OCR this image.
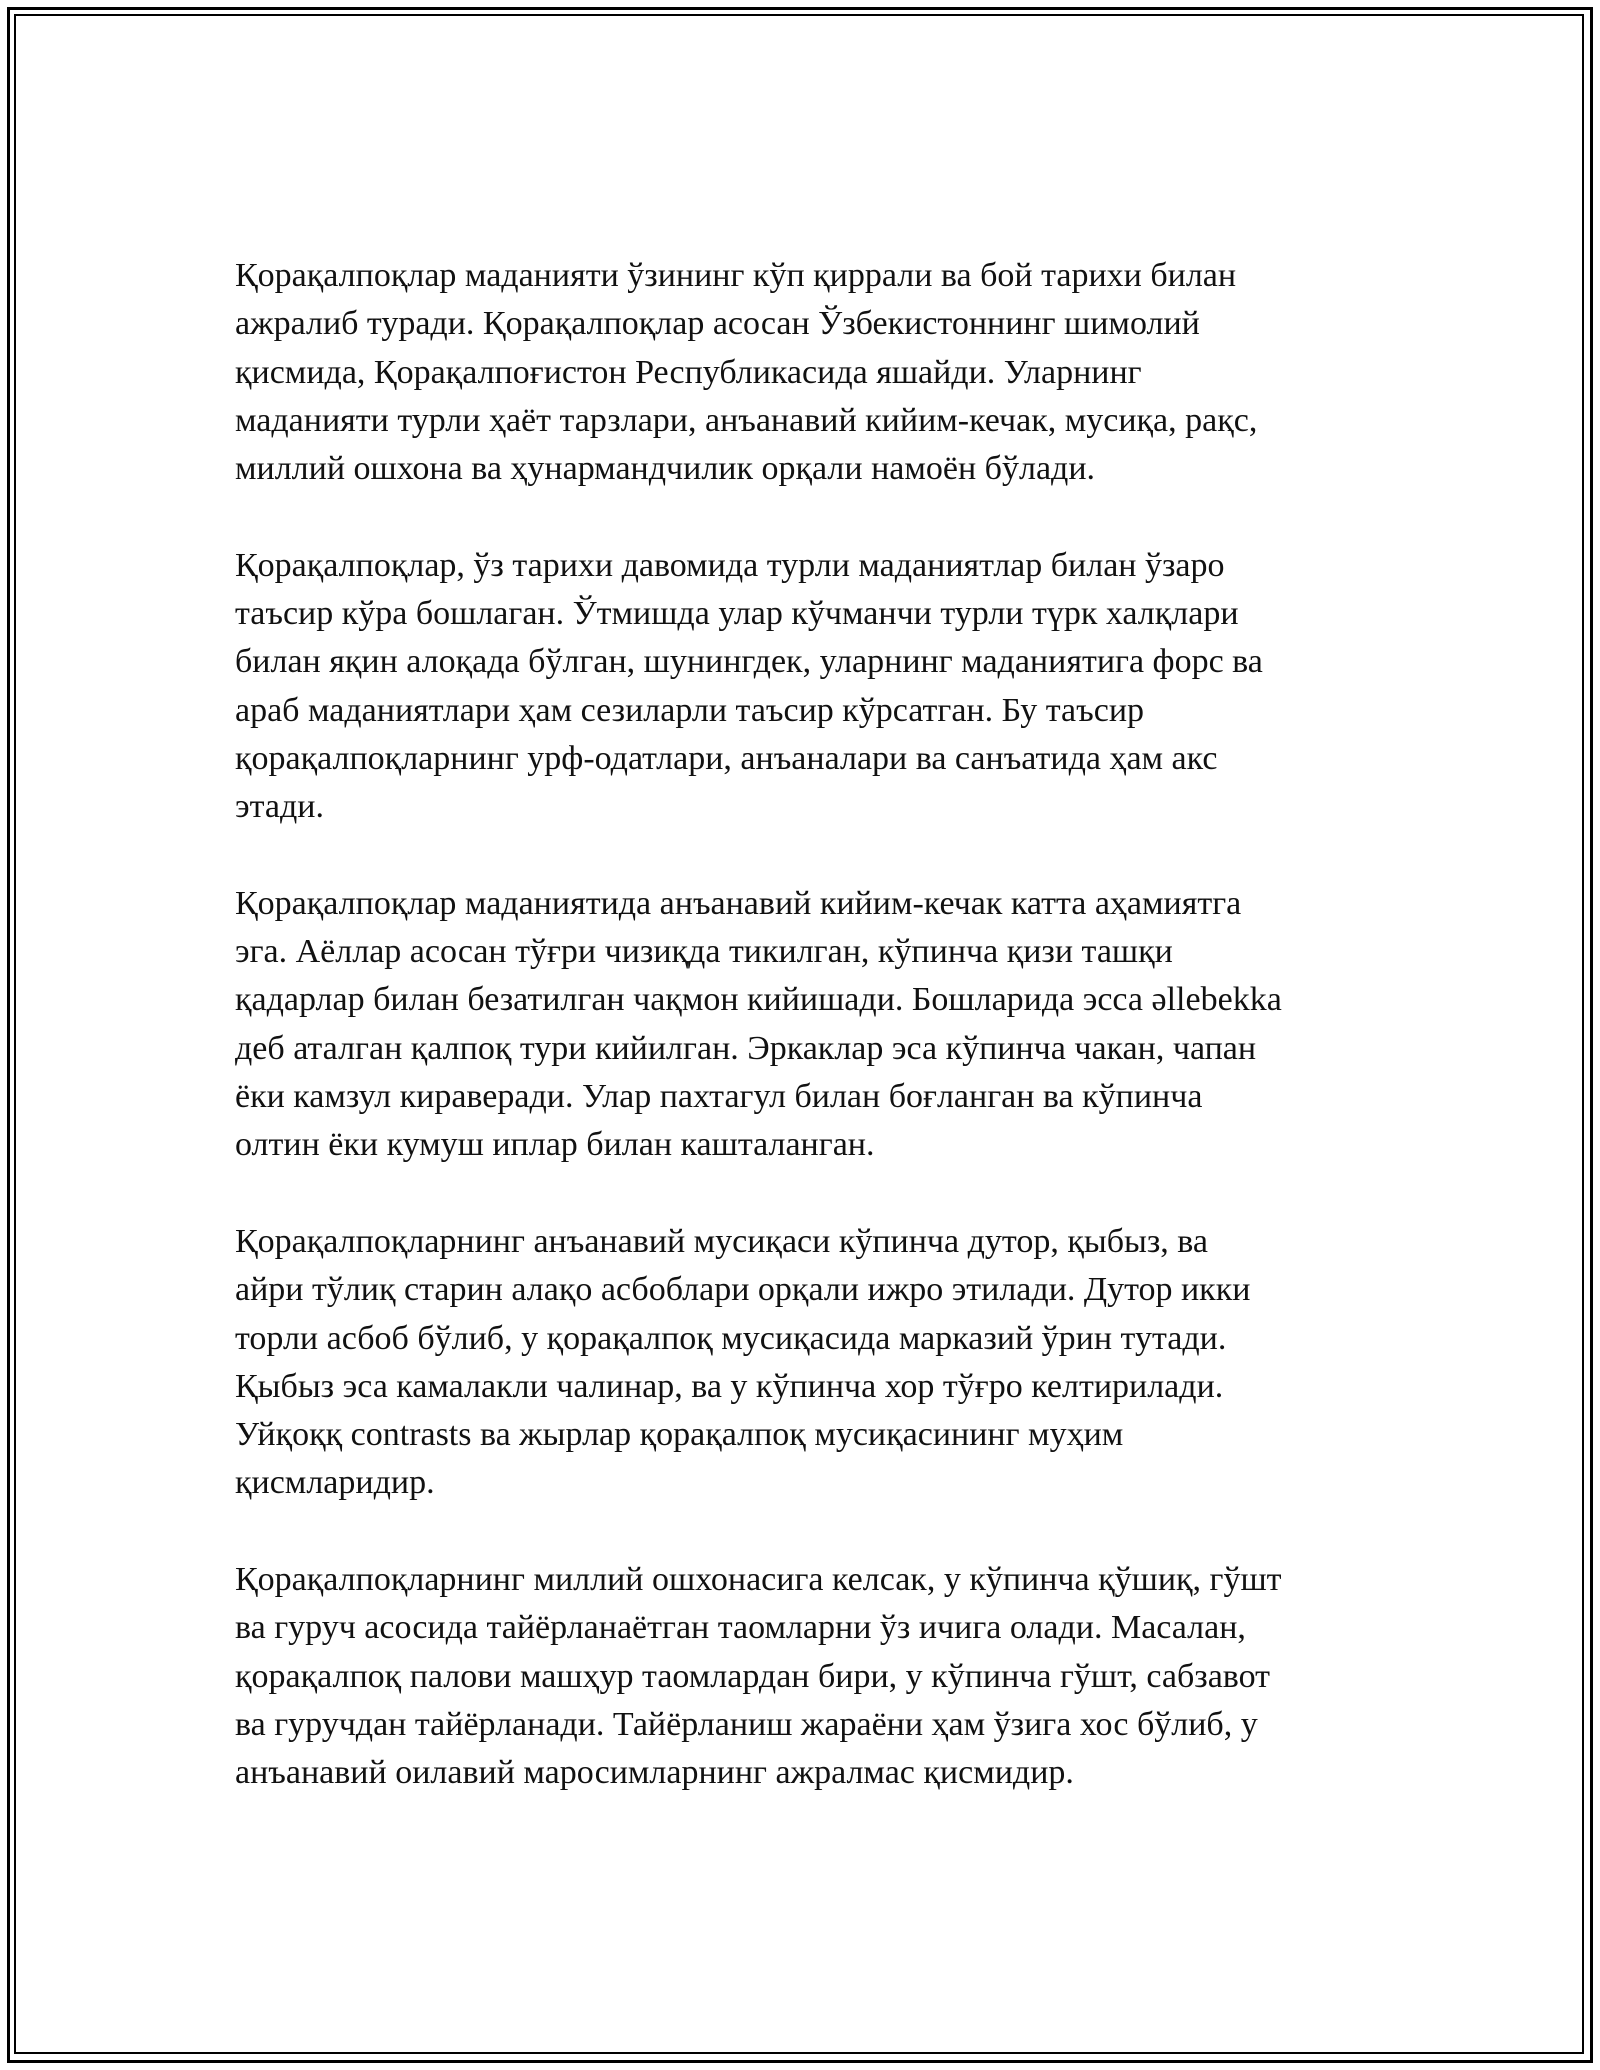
Қорақалпоқлар маданияти ўзининг кўп қиррали ва бой тарихи билан
ажралиб туради. Қорақалпоқлар асосан Ўзбекистоннинг шимолий
қисмида, Қорақалпоғистон Республикасида яшайди. Уларнинг
маданияти турли ҳаёт тарзлари, анъанавий кийим-кечак, мусиқа, рақс,
миллий ошхона ва ҳунармандчилик орқали намоён бўлади.

Қорақалпоқлар, ўз тарихи давомида турли маданиятлар билан ўзаро
таъсир кўра бошлаган. Ўтмишда улар кўчманчи турли түрк халқлари
билан яқин алоқада бўлган, шунингдек, уларнинг маданиятига форс ва
араб маданиятлари ҳам сезиларли таъсир кўрсатган. Бу таъсир
қорақалпоқларнинг урф-одатлари, анъаналари ва санъатида ҳам акс
этади.

Қорақалпоқлар маданиятида анъанавий кийим-кечак катта аҳамиятга
эга. Аёллар асосан тўғри чизиқда тикилган, кўпинча қизи ташқи
қадарлар билан безатилган чақмон кийишади. Бошларида эсса әllebekka
деб аталган қалпоқ тури кийилган. Эркаклар эса кўпинча чакан, чапан
ёки камзул кираверади. Улар пахтагул билан боғланган ва кўпинча
олтин ёки кумуш иплар билан кашталанган.

Қорақалпоқларнинг анъанавий мусиқаси кўпинча дутор, қыбыз, ва
айри тўлиқ старин алақо асбоблари орқали ижро этилади. Дутор икки
торли асбоб бўлиб, у қорақалпоқ мусиқасида марказий ўрин тутади.
Қыбыз эса камалакли чалинар, ва у кўпинча хор тўғро келтирилади.
Уйқоққ contrasts ва жырлар қорақалпоқ мусиқасининг муҳим
қисмларидир.

Қорақалпоқларнинг миллий ошхонасига келсак, у кўпинча қўшиқ, гўшт
ва гуруч асосида тайёрланаётган таомларни ўз ичига олади. Масалан,
қорақалпоқ палови машҳур таомлардан бири, у кўпинча гўшт, сабзавот
ва гуручдан тайёрланади. Тайёрланиш жараёни ҳам ўзига хос бўлиб, у
анъанавий оилавий маросимларнинг ажралмас қисмидир.
